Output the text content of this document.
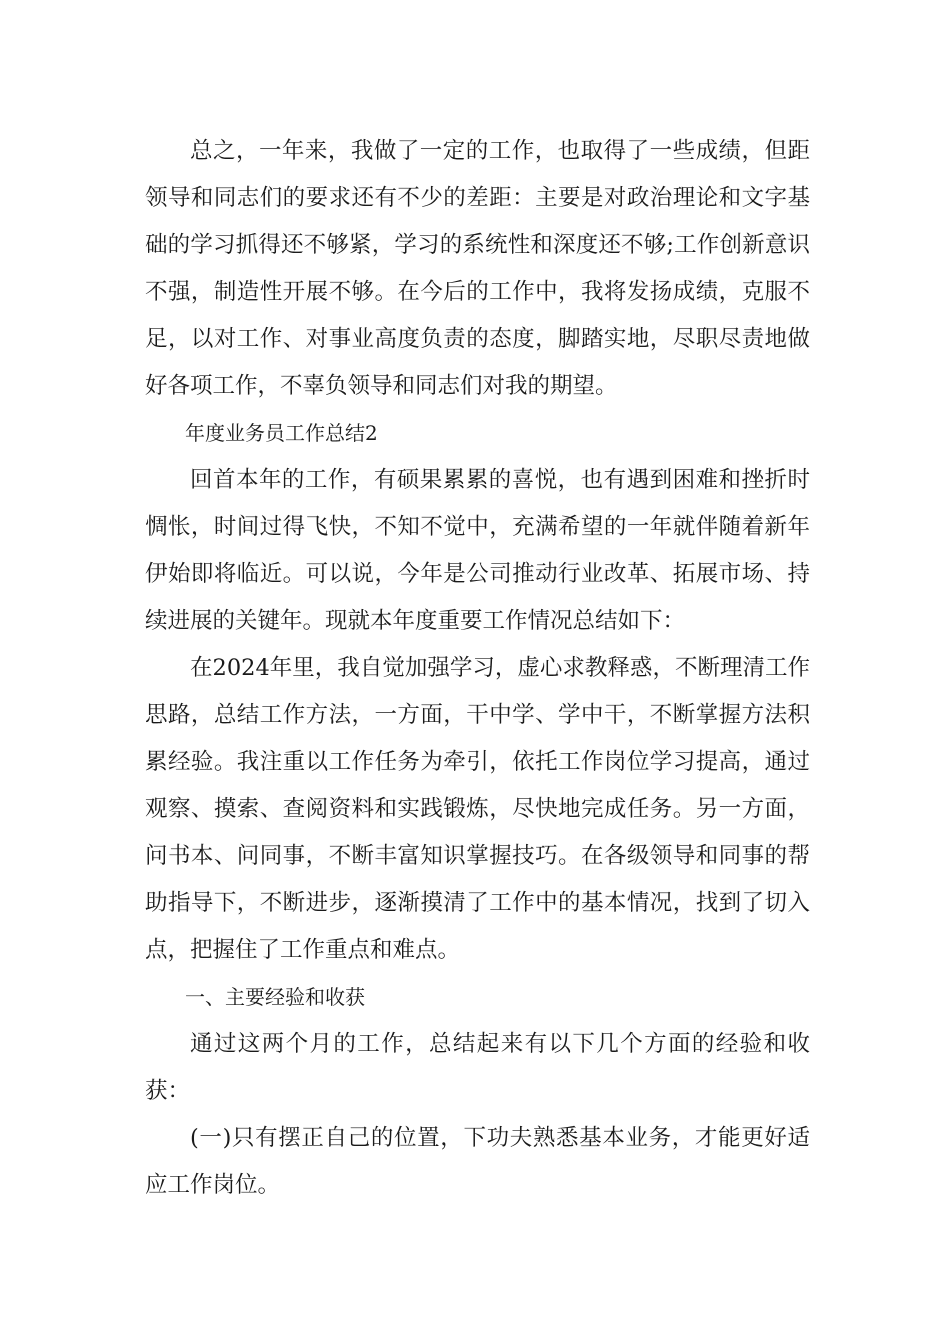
总之，一年来，我做了一定的工作，也取得了一些成绩，但距领导和同志们的要求还有不少的差距：主要是对政治理论和文字基础的学习抓得还不够紧，学习的系统性和深度还不够;工作创新意识不强，制造性开展不够。在今后的工作中，我将发扬成绩，克服不足，以对工作、对事业高度负责的态度，脚踏实地，尽职尽责地做好各项工作，不辜负领导和同志们对我的期望。

年度业务员工作总结2

回首本年的工作，有硕果累累的喜悦，也有遇到困难和挫折时惆怅，时间过得飞快，不知不觉中，充满希望的一年就伴随着新年伊始即将临近。可以说，今年是公司推动行业改革、拓展市场、持续进展的关键年。现就本年度重要工作情况总结如下：

在2024年里，我自觉加强学习，虚心求教释惑，不断理清工作思路，总结工作方法，一方面，干中学、学中干，不断掌握方法积累经验。我注重以工作任务为牵引，依托工作岗位学习提高，通过观察、摸索、查阅资料和实践锻炼，尽快地完成任务。另一方面，问书本、问同事，不断丰富知识掌握技巧。在各级领导和同事的帮助指导下，不断进步，逐渐摸清了工作中的基本情况，找到了切入点，把握住了工作重点和难点。

一、主要经验和收获

通过这两个月的工作，总结起来有以下几个方面的经验和收获：

(一)只有摆正自己的位置，下功夫熟悉基本业务，才能更好适应工作岗位。
